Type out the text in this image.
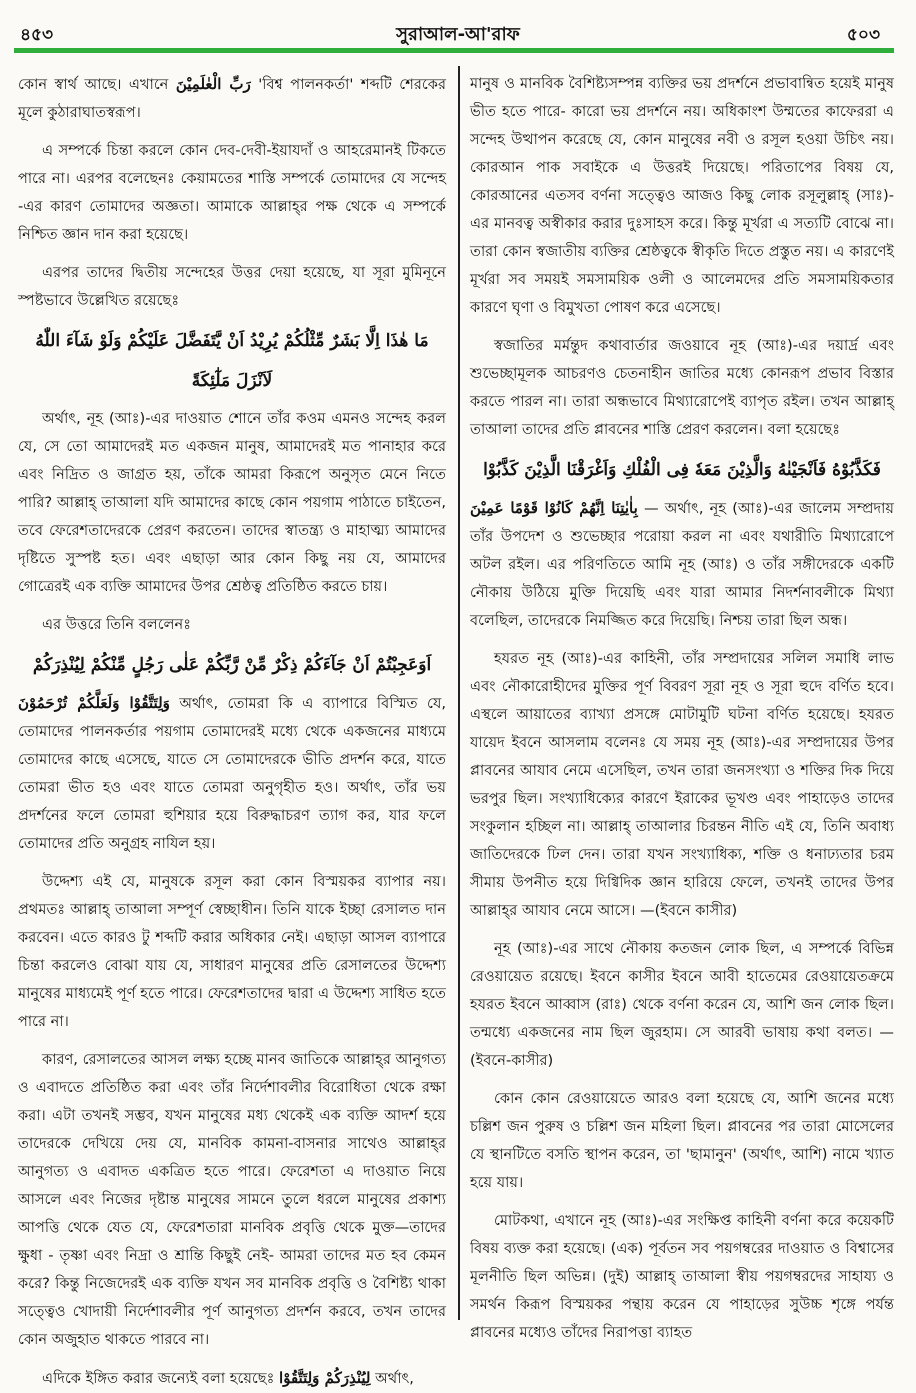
৪৫৩	সুরাআল-আ'রাফ	৫০৩

কোন স্বার্থ আছে। এখানে رَبِّ الْعٰلَمِيْنَ 'বিশ্ব পালনকর্তা' শব্দটি শেরকের মূলে কুঠারাঘাতস্বরূপ।

এ সম্পর্কে চিন্তা করলে কোন দেব-দেবী-ইয়াযদাঁ ও আহরেমানই টিকতে পারে না। এরপর বলেছেনঃ কেয়ামতের শাস্তি সম্পর্কে তোমাদের যে সন্দেহ -এর কারণ তোমাদের অজ্ঞতা। আমাকে আল্লাহ্‌র পক্ষ থেকে এ সম্পর্কে নিশ্চিত জ্ঞান দান করা হয়েছে।

এরপর তাদের দ্বিতীয় সন্দেহের উত্তর দেয়া হয়েছে, যা সূরা মুমিনূনে স্পষ্টভাবে উল্লেখিত রয়েছেঃ

مَا هٰذَا اِلَّا بَشَرٌ مِّثْلُكُمْ يُرِيْدُ اَنْ يَّتَفَضَّلَ عَلَيْكُمْ وَلَوْ شَآءَ اللّٰهُ
لَاَنْزَلَ مَلٰٓئِكَةً

অর্থাৎ, নূহ (আঃ)-এর দাওয়াত শোনে তাঁর কওম এমনও সন্দেহ করল যে, সে তো আমাদেরই মত একজন মানুষ, আমাদেরই মত পানাহার করে এবং নিদ্রিত ও জাগ্রত হয়, তাঁকে আমরা কিরূপে অনুসৃত মেনে নিতে পারি? আল্লাহ্‌ তাআলা যদি আমাদের কাছে কোন পয়গাম পাঠাতে চাইতেন, তবে ফেরেশতাদেরকে প্রেরণ করতেন। তাদের স্বাতন্ত্র্য ও মাহাত্ম্য আমাদের দৃষ্টিতে সুস্পষ্ট হত। এবং এছাড়া আর কোন কিছু নয় যে, আমাদের গোত্রেরই এক ব্যক্তি আমাদের উপর শ্রেষ্ঠত্ব প্রতিষ্ঠিত করতে চায়।

এর উত্তরে তিনি বললেনঃ

اَوَعَجِبْتُمْ اَنْ جَآءَكُمْ ذِكْرٌ مِّنْ رَّبِّكُمْ عَلٰى رَجُلٍ مِّنْكُمْ لِيُنْذِرَكُمْ

وَلِتَتَّقُوْا وَلَعَلَّكُمْ تُرْحَمُوْنَ অর্থাৎ, তোমরা কি এ ব্যাপারে বিস্মিত যে, তোমাদের পালনকর্তার পয়গাম তোমাদেরই মধ্যে থেকে একজনের মাধ্যমে তোমাদের কাছে এসেছে, যাতে সে তোমাদেরকে ভীতি প্রদর্শন করে, যাতে তোমরা ভীত হও এবং যাতে তোমরা অনুগৃহীত হও। অর্থাৎ, তাঁর ভয় প্রদর্শনের ফলে তোমরা হুশিয়ার হয়ে বিরুদ্ধাচরণ ত্যাগ কর, যার ফলে তোমাদের প্রতি অনুগ্রহ নাযিল হয়।

উদ্দেশ্য এই যে, মানুষকে রসূল করা কোন বিস্ময়কর ব্যাপার নয়। প্রথমতঃ আল্লাহ্‌ তাআলা সম্পূর্ণ স্বেচ্ছাধীন। তিনি যাকে ইচ্ছা রেসালত দান করবেন। এতে কারও টু শব্দটি করার অধিকার নেই। এছাড়া আসল ব্যাপারে চিন্তা করলেও বোঝা যায় যে, সাধারণ মানুষের প্রতি রেসালতের উদ্দেশ্য মানুষের মাধ্যমেই পূর্ণ হতে পারে। ফেরেশতাদের দ্বারা এ উদ্দেশ্য সাধিত হতে পারে না।

কারণ, রেসালতের আসল লক্ষ্য হচ্ছে মানব জাতিকে আল্লাহ্‌র আনুগত্য ও এবাদতে প্রতিষ্ঠিত করা এবং তাঁর নির্দেশাবলীর বিরোধিতা থেকে রক্ষা করা। এটা তখনই সম্ভব, যখন মানুষের মধ্য থেকেই এক ব্যক্তি আদর্শ হয়ে তাদেরকে দেখিয়ে দেয় যে, মানবিক কামনা-বাসনার সাথেও আল্লাহ্‌র আনুগত্য ও এবাদত একত্রিত হতে পারে। ফেরেশতা এ দাওয়াত নিয়ে আসলে এবং নিজের দৃষ্টান্ত মানুষের সামনে তুলে ধরলে মানুষের প্রকাশ্য আপত্তি থেকে যেত যে, ফেরেশতারা মানবিক প্রবৃত্তি থেকে মুক্ত—তাদের ক্ষুধা - তৃষ্ণা এবং নিদ্রা ও শ্রান্তি কিছুই নেই- আমরা তাদের মত হব কেমন করে? কিন্তু নিজেদেরই এক ব্যক্তি যখন সব মানবিক প্রবৃত্তি ও বৈশিষ্ট্য থাকা সত্ত্বেও খোদায়ী নির্দেশাবলীর পূর্ণ আনুগত্য প্রদর্শন করবে, তখন তাদের কোন অজুহাত থাকতে পারবে না।

এদিকে ইঙ্গিত করার জন্যেই বলা হয়েছেঃ لِيُنْذِرَكُمْ وَلِتَتَّقُوْا অর্থাৎ,

মানুষ ও মানবিক বৈশিষ্ট্যসম্পন্ন ব্যক্তির ভয় প্রদর্শনে প্রভাবান্বিত হয়েই মানুষ ভীত হতে পারে- কারো ভয় প্রদর্শনে নয়। অধিকাংশ উম্মতের কাফেররা এ সন্দেহ উত্থাপন করেছে যে, কোন মানুষের নবী ও রসূল হওয়া উচিৎ নয়। কোরআন পাক সবাইকে এ উত্তরই দিয়েছে। পরিতাপের বিষয় যে, কোরআনের এতসব বর্ণনা সত্ত্বেও আজও কিছু লোক রসূলুল্লাহ্‌ (সাঃ)-এর মানবত্ব অস্বীকার করার দুঃসাহস করে। কিন্তু মূর্খরা এ সত্যটি বোঝে না। তারা কোন স্বজাতীয় ব্যক্তির শ্রেষ্ঠত্বকে স্বীকৃতি দিতে প্রস্তুত নয়। এ কারণেই মূর্খরা সব সময়ই সমসাময়িক ওলী ও আলেমদের প্রতি সমসাময়িকতার কারণে ঘৃণা ও বিমুখতা পোষণ করে এসেছে।

স্বজাতির মর্মন্তুদ কথাবার্তার জওয়াবে নূহ (আঃ)-এর দয়ার্দ্র এবং শুভেচ্ছামূলক আচরণও চেতনাহীন জাতির মধ্যে কোনরূপ প্রভাব বিস্তার করতে পারল না। তারা অন্ধভাবে মিথ্যারোপেই ব্যাপৃত রইল। তখন আল্লাহ্‌ তাআলা তাদের প্রতি প্লাবনের শাস্তি প্রেরণ করলেন। বলা হয়েছেঃ

فَكَذَّبُوْهُ فَاَنْجَيْنٰهُ وَالَّذِيْنَ مَعَهٗ فِى الْفُلْكِ وَاَغْرَقْنَا الَّذِيْنَ كَذَّبُوْا

بِاٰيٰتِنَا اِنَّهُمْ كَانُوْا قَوْمًا عَمِيْنَ — অর্থাৎ, নূহ (আঃ)-এর জালেম সম্প্রদায় তাঁর উপদেশ ও শুভেচ্ছার পরোয়া করল না এবং যথারীতি মিথ্যারোপে অটল রইল। এর পরিণতিতে আমি নূহ (আঃ) ও তাঁর সঙ্গীদেরকে একটি নৌকায় উঠিয়ে মুক্তি দিয়েছি এবং যারা আমার নিদর্শনাবলীকে মিথ্যা বলেছিল, তাদেরকে নিমজ্জিত করে দিয়েছি। নিশ্চয় তারা ছিল অন্ধ।

হযরত নূহ (আঃ)-এর কাহিনী, তাঁর সম্প্রদায়ের সলিল সমাধি লাভ এবং নৌকারোহীদের মুক্তির পূর্ণ বিবরণ সূরা নূহ ও সূরা হুদে বর্ণিত হবে। এস্থলে আয়াতের ব্যাখ্যা প্রসঙ্গে মোটামুটি ঘটনা বর্ণিত হয়েছে। হযরত যায়েদ ইবনে আসলাম বলেনঃ যে সময় নূহ (আঃ)-এর সম্প্রদায়ের উপর প্লাবনের আযাব নেমে এসেছিল, তখন তারা জনসংখ্যা ও শক্তির দিক দিয়ে ভরপুর ছিল। সংখ্যাধিক্যের কারণে ইরাকের ভূখণ্ড এবং পাহাড়েও তাদের সংকুলান হচ্ছিল না। আল্লাহ্‌ তাআলার চিরন্তন নীতি এই যে, তিনি অবাধ্য জাতিদেরকে ঢিল দেন। তারা যখন সংখ্যাধিক্য, শক্তি ও ধনাঢ্যতার চরম সীমায় উপনীত হয়ে দিগ্বিদিক জ্ঞান হারিয়ে ফেলে, তখনই তাদের উপর আল্লাহ্‌র আযাব নেমে আসে। —(ইবনে কাসীর)

নূহ (আঃ)-এর সাথে নৌকায় কতজন লোক ছিল, এ সম্পর্কে বিভিন্ন রেওয়ায়েত রয়েছে। ইবনে কাসীর ইবনে আবী হাতেমের রেওয়ায়েতক্রমে হযরত ইবনে আব্বাস (রাঃ) থেকে বর্ণনা করেন যে, আশি জন লোক ছিল। তন্মধ্যে একজনের নাম ছিল জুরহাম। সে আরবী ভাষায় কথা বলত। —(ইবনে-কাসীর)

কোন কোন রেওয়ায়েতে আরও বলা হয়েছে যে, আশি জনের মধ্যে চল্লিশ জন পুরুষ ও চল্লিশ জন মহিলা ছিল। প্লাবনের পর তারা মোসেলের যে স্থানটিতে বসতি স্থাপন করেন, তা 'ছামানুন' (অর্থাৎ, আশি) নামে খ্যাত হয়ে যায়।

মোটকথা, এখানে নূহ (আঃ)-এর সংক্ষিপ্ত কাহিনী বর্ণনা করে কয়েকটি বিষয় ব্যক্ত করা হয়েছে। (এক) পূর্বতন সব পয়গম্বরের দাওয়াত ও বিশ্বাসের মূলনীতি ছিল অভিন্ন। (দুই) আল্লাহ্‌ তাআলা স্বীয় পয়গম্বরদের সাহায্য ও সমর্থন কিরূপ বিস্ময়কর পন্থায় করেন যে পাহাড়ের সুউচ্চ শৃঙ্গে পর্যন্ত প্লাবনের মধ্যেও তাঁদের নিরাপত্তা ব্যাহত
